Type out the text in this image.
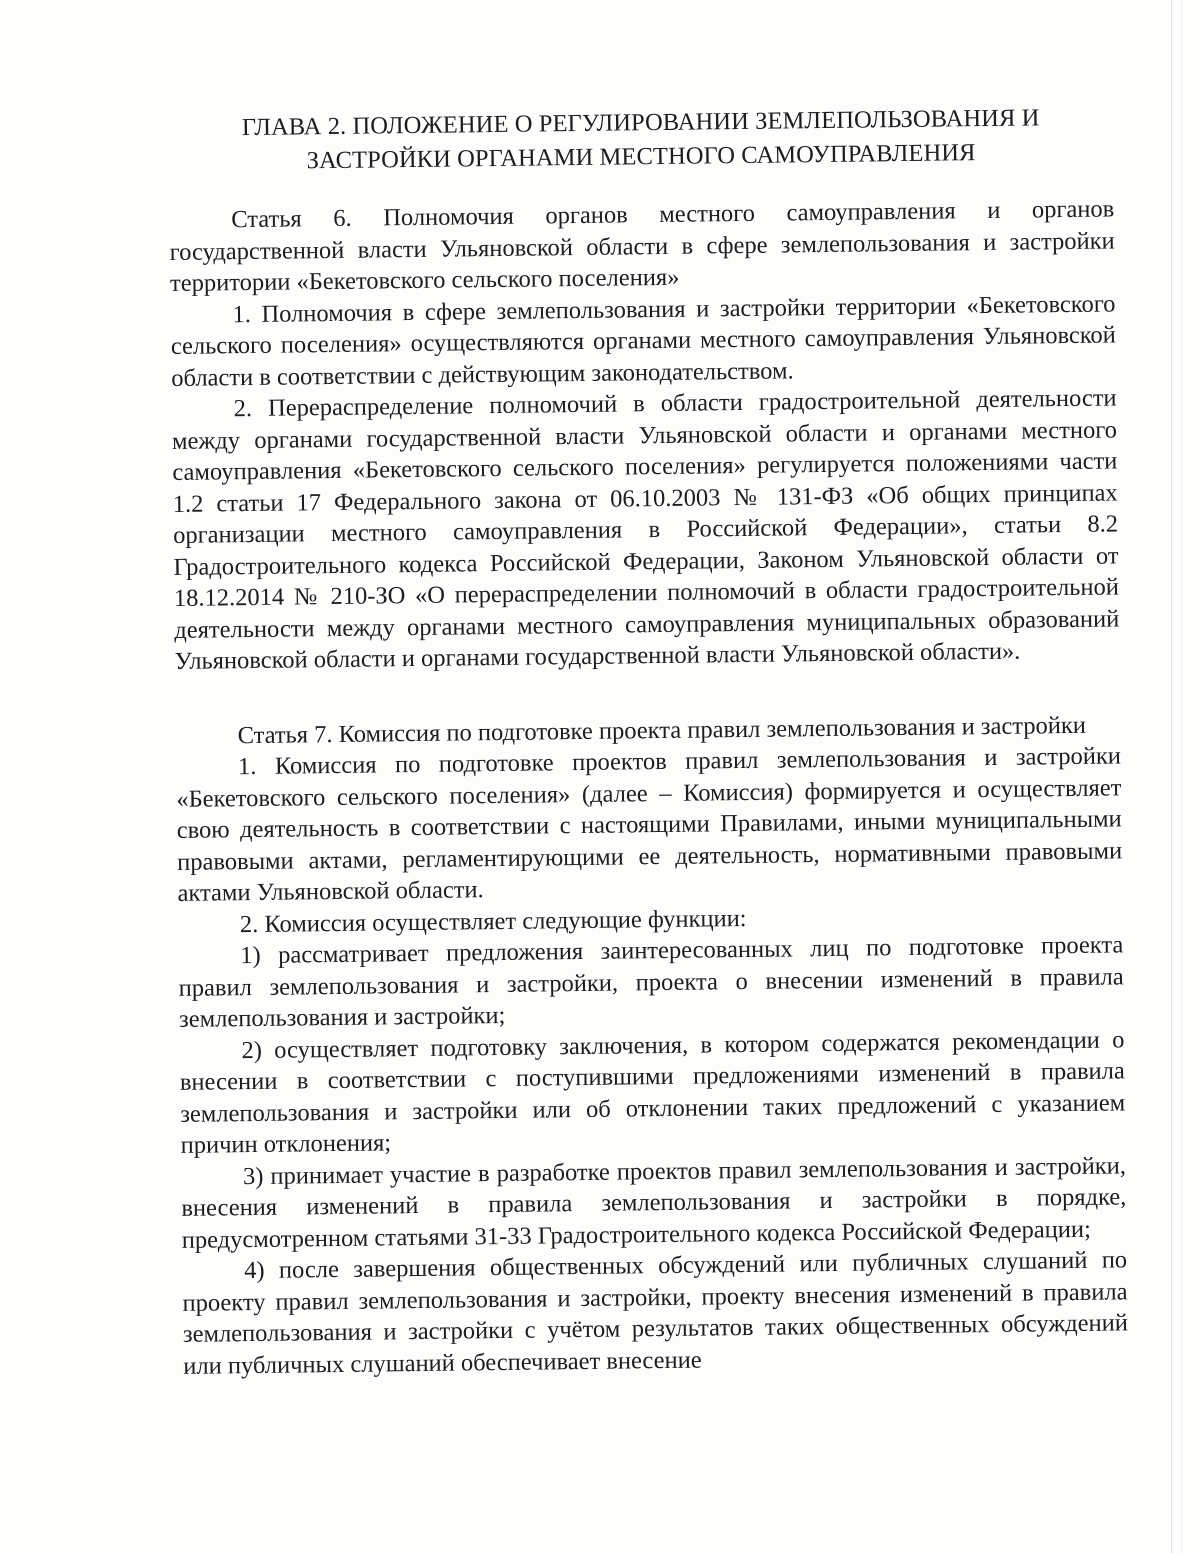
ГЛАВА 2. ПОЛОЖЕНИЕ О РЕГУЛИРОВАНИИ ЗЕМЛЕПОЛЬЗОВАНИЯ И
ЗАСТРОЙКИ ОРГАНАМИ МЕСТНОГО САМОУПРАВЛЕНИЯ

Статья 6. Полномочия органов местного самоуправления и органов государственной власти Ульяновской области в сфере землепользования и застройки территории «Бекетовского сельского поселения»

1. Полномочия в сфере землепользования и застройки территории «Бекетовского сельского поселения» осуществляются органами местного самоуправления Ульяновской области в соответствии с действующим законодательством.

2. Перераспределение полномочий в области градостроительной деятельности между органами государственной власти Ульяновской области и органами местного самоуправления «Бекетовского сельского поселения» регулируется положениями части 1.2 статьи 17 Федерального закона от 06.10.2003 № 131-ФЗ «Об общих принципах организации местного самоуправления в Российской Федерации», статьи 8.2 Градостроительного кодекса Российской Федерации, Законом Ульяновской области от 18.12.2014 № 210-ЗО «О перераспределении полномочий в области градостроительной деятельности между органами местного самоуправления муниципальных образований Ульяновской области и органами государственной власти Ульяновской области».

Статья 7. Комиссия по подготовке проекта правил землепользования и застройки

1. Комиссия по подготовке проектов правил землепользования и застройки «Бекетовского сельского поселения» (далее – Комиссия) формируется и осуществляет свою деятельность в соответствии с настоящими Правилами, иными муниципальными правовыми актами, регламентирующими ее деятельность, нормативными правовыми актами Ульяновской области.

2. Комиссия осуществляет следующие функции:

1) рассматривает предложения заинтересованных лиц по подготовке проекта правил землепользования и застройки, проекта о внесении изменений в правила землепользования и застройки;

2) осуществляет подготовку заключения, в котором содержатся рекомендации о внесении в соответствии с поступившими предложениями изменений в правила землепользования и застройки или об отклонении таких предложений с указанием причин отклонения;

3) принимает участие в разработке проектов правил землепользования и застройки, внесения изменений в правила землепользования и застройки в порядке, предусмотренном статьями 31-33 Градостроительного кодекса Российской Федерации;

4) после завершения общественных обсуждений или публичных слушаний по проекту правил землепользования и застройки, проекту внесения изменений в правила землепользования и застройки с учётом результатов таких общественных обсуждений или публичных слушаний обеспечивает внесение
